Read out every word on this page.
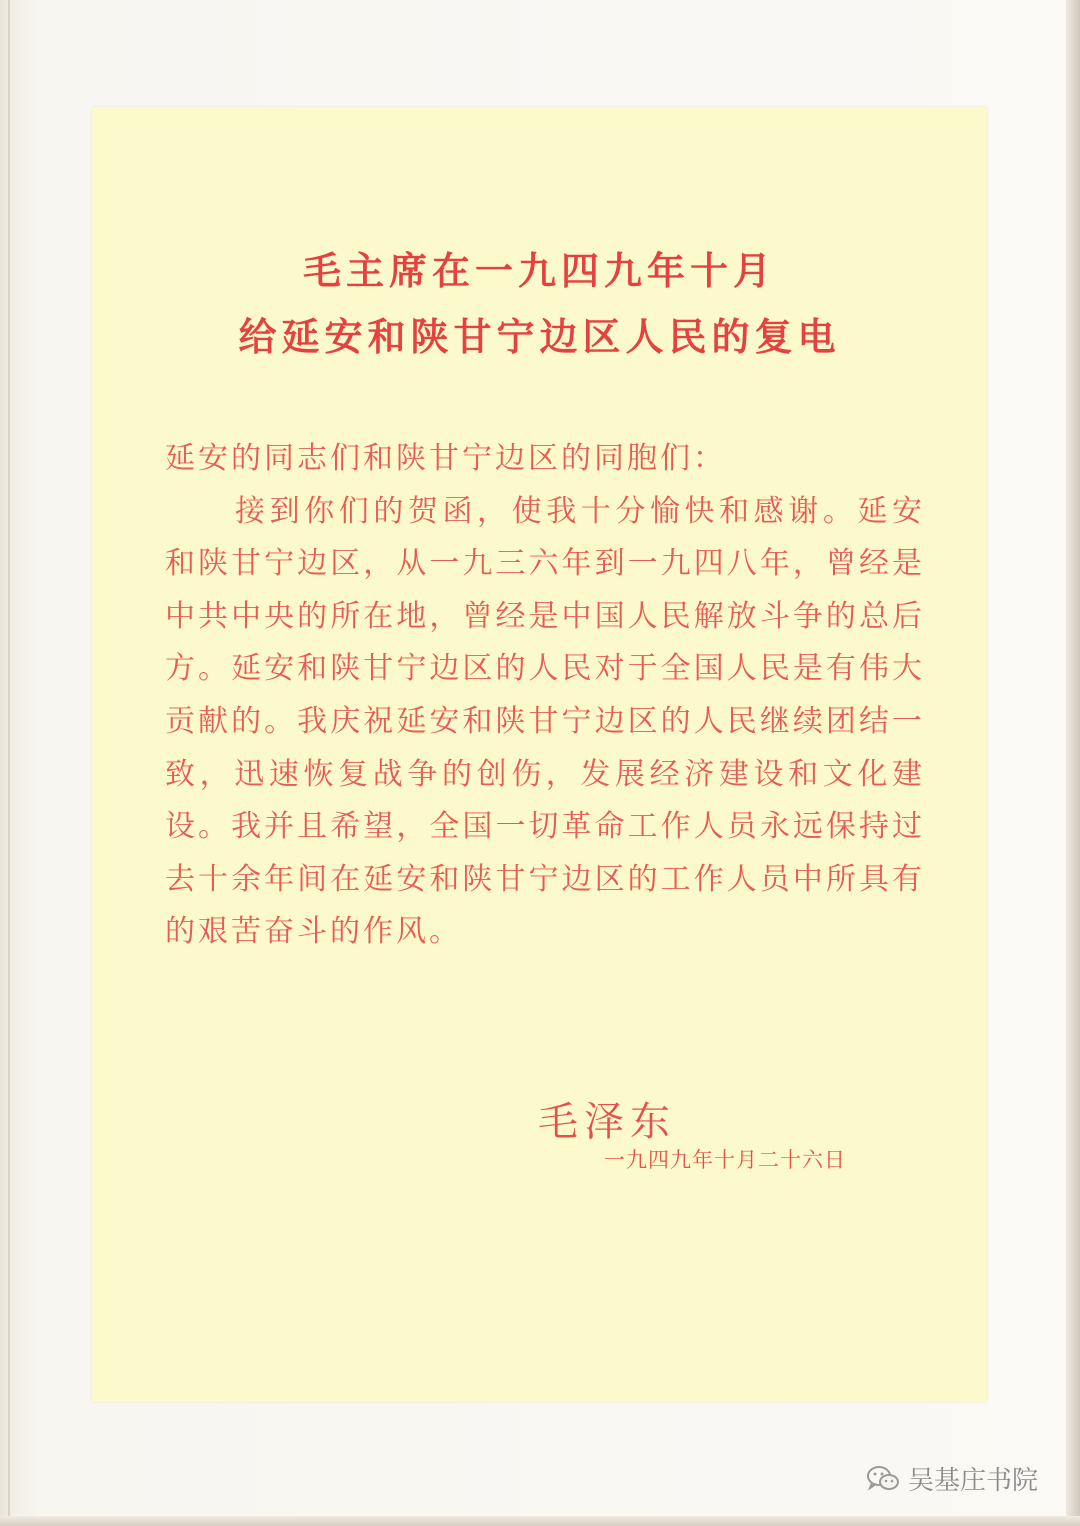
毛主席在一九四九年十月
给延安和陕甘宁边区人民的复电

延安的同志们和陕甘宁边区的同胞们：

接到你们的贺函，使我十分愉快和感谢。延安和陕甘宁边区，从一九三六年到一九四八年，曾经是中共中央的所在地，曾经是中国人民解放斗争的总后方。延安和陕甘宁边区的人民对于全国人民是有伟大贡献的。我庆祝延安和陕甘宁边区的人民继续团结一致，迅速恢复战争的创伤，发展经济建设和文化建设。我并且希望，全国一切革命工作人员永远保持过去十余年间在延安和陕甘宁边区的工作人员中所具有的艰苦奋斗的作风。

毛泽东
一九四九年十月二十六日
吴基庄书院
